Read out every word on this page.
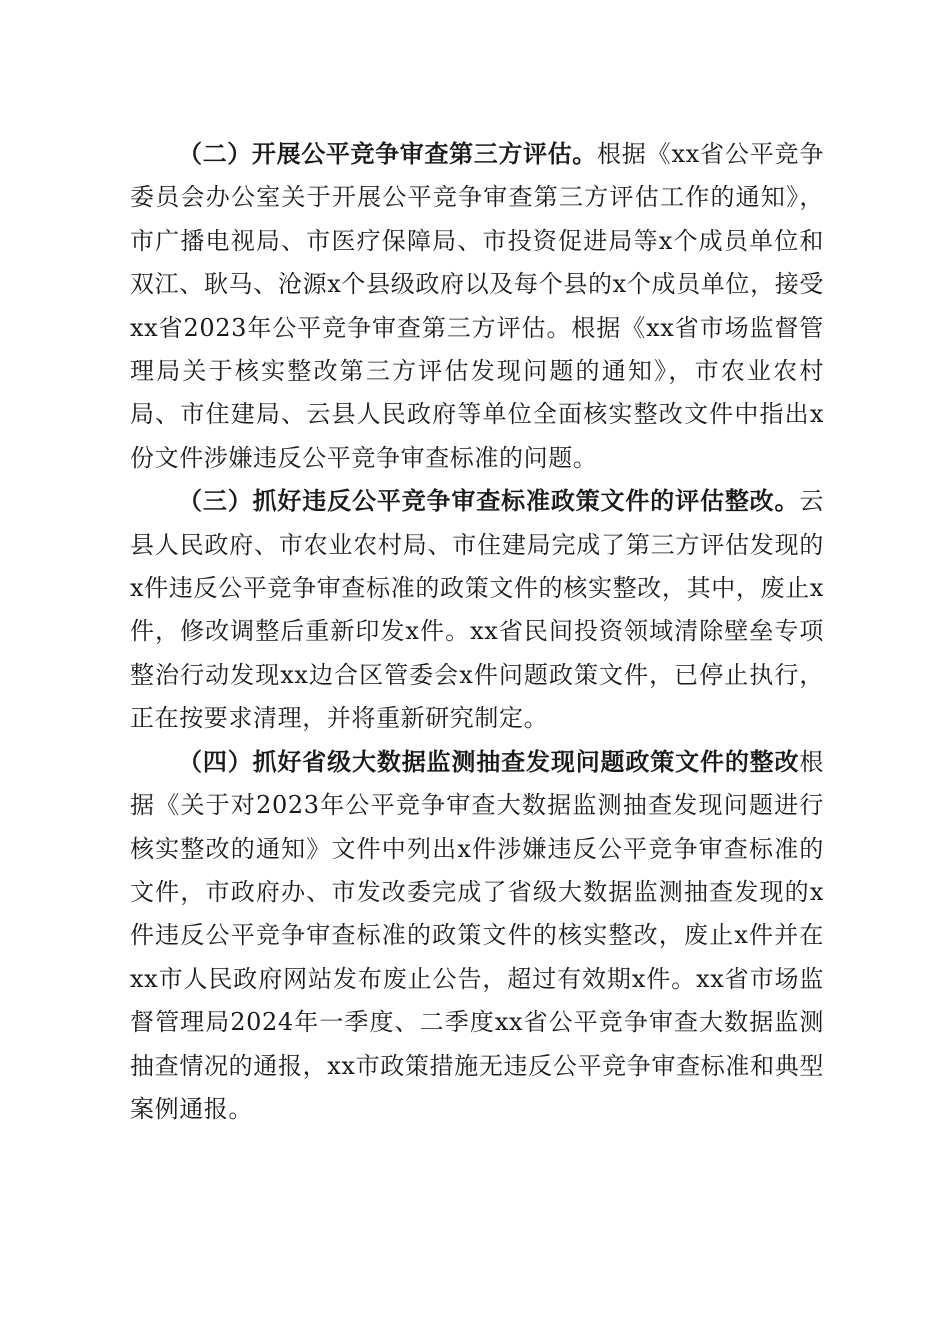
（二）开展公平竞争审查第三方评估。根据《xx省公平竞争委员会办公室关于开展公平竞争审查第三方评估工作的通知》，市广播电视局、市医疗保障局、市投资促进局等x个成员单位和双江、耿马、沧源x个县级政府以及每个县的x个成员单位，接受xx省2023年公平竞争审查第三方评估。根据《xx省市场监督管理局关于核实整改第三方评估发现问题的通知》，市农业农村局、市住建局、云县人民政府等单位全面核实整改文件中指出x份文件涉嫌违反公平竞争审查标准的问题。

（三）抓好违反公平竞争审查标准政策文件的评估整改。云县人民政府、市农业农村局、市住建局完成了第三方评估发现的x件违反公平竞争审查标准的政策文件的核实整改，其中，废止x件，修改调整后重新印发x件。xx省民间投资领域清除壁垒专项整治行动发现xx边合区管委会x件问题政策文件，已停止执行，正在按要求清理，并将重新研究制定。

（四）抓好省级大数据监测抽查发现问题政策文件的整改根据《关于对2023年公平竞争审查大数据监测抽查发现问题进行核实整改的通知》文件中列出x件涉嫌违反公平竞争审查标准的文件，市政府办、市发改委完成了省级大数据监测抽查发现的x件违反公平竞争审查标准的政策文件的核实整改，废止x件并在xx市人民政府网站发布废止公告，超过有效期x件。xx省市场监督管理局2024年一季度、二季度xx省公平竞争审查大数据监测抽查情况的通报，xx市政策措施无违反公平竞争审查标准和典型案例通报。
